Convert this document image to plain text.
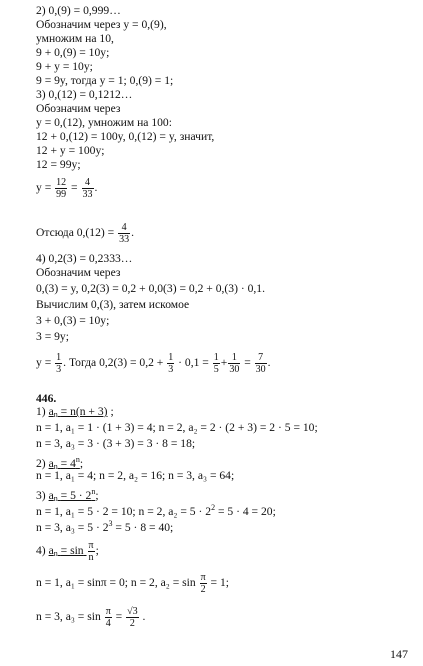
2) 0,(9) = 0,999…
Обозначим через y = 0,(9),
умножим на 10,
9 + 0,(9) = 10y;
9 + y = 10y;
9 = 9y, тогда y = 1; 0,(9) = 1;
3) 0,(12) = 0,1212…
Обозначим через
y = 0,(12), умножим на 100:
12 + 0,(12) = 100y, 0,(12) = y, значит,
12 + y = 100y;
12 = 99y;
$y = \frac{12}{99} = \frac{4}{33}$ .
Отсюда $0,(12) = \frac{4}{33}$ .
4) 0,2(3) = 0,2333…
Обозначим через
0,(3) = y, 0,2(3) = 0,2 + 0,0(3) = 0,2 + 0,(3) · 0,1.
Вычислим 0,(3), затем искомое
3 + 0,(3) = 10y;
3 = 9y;
$y = \frac{1}{3}$ . Тогда $0,2(3) = 0,2 + \frac{1}{3} \cdot 0,1 = \frac{1}{5} + \frac{1}{30} = \frac{7}{30}$ .
446.
1) $a_n = n(n + 3)$ ;
n = 1, a₁ = 1 · (1 + 3) = 4; n = 2, a₂ = 2 · (2 + 3) = 2 · 5 = 10;
n = 3, a₃ = 3 · (3 + 3) = 3 · 8 = 18;
2) $a_n = 4^n$;
n = 1, a₁ = 4; n = 2, a₂ = 16; n = 3, a₃ = 64;
3) $a_n = 5 \cdot 2^n$;
n = 1, a₁ = 5 · 2 = 10; n = 2, $a_2 = 5 \cdot 2^2 = 5 \cdot 4 = 20$;
n = 3, $a_3 = 5 \cdot 2^3 = 5 \cdot 8 = 40$;
4) $a_n = \sin \frac{\pi}{n}$ ;
n = 1, a₁ = sinπ = 0; n = 2, $a_2 = \sin \frac{\pi}{2} = 1$;
n = 3, $a_3 = \sin \frac{\pi}{4} = \frac{√3}{2}$ .
147
